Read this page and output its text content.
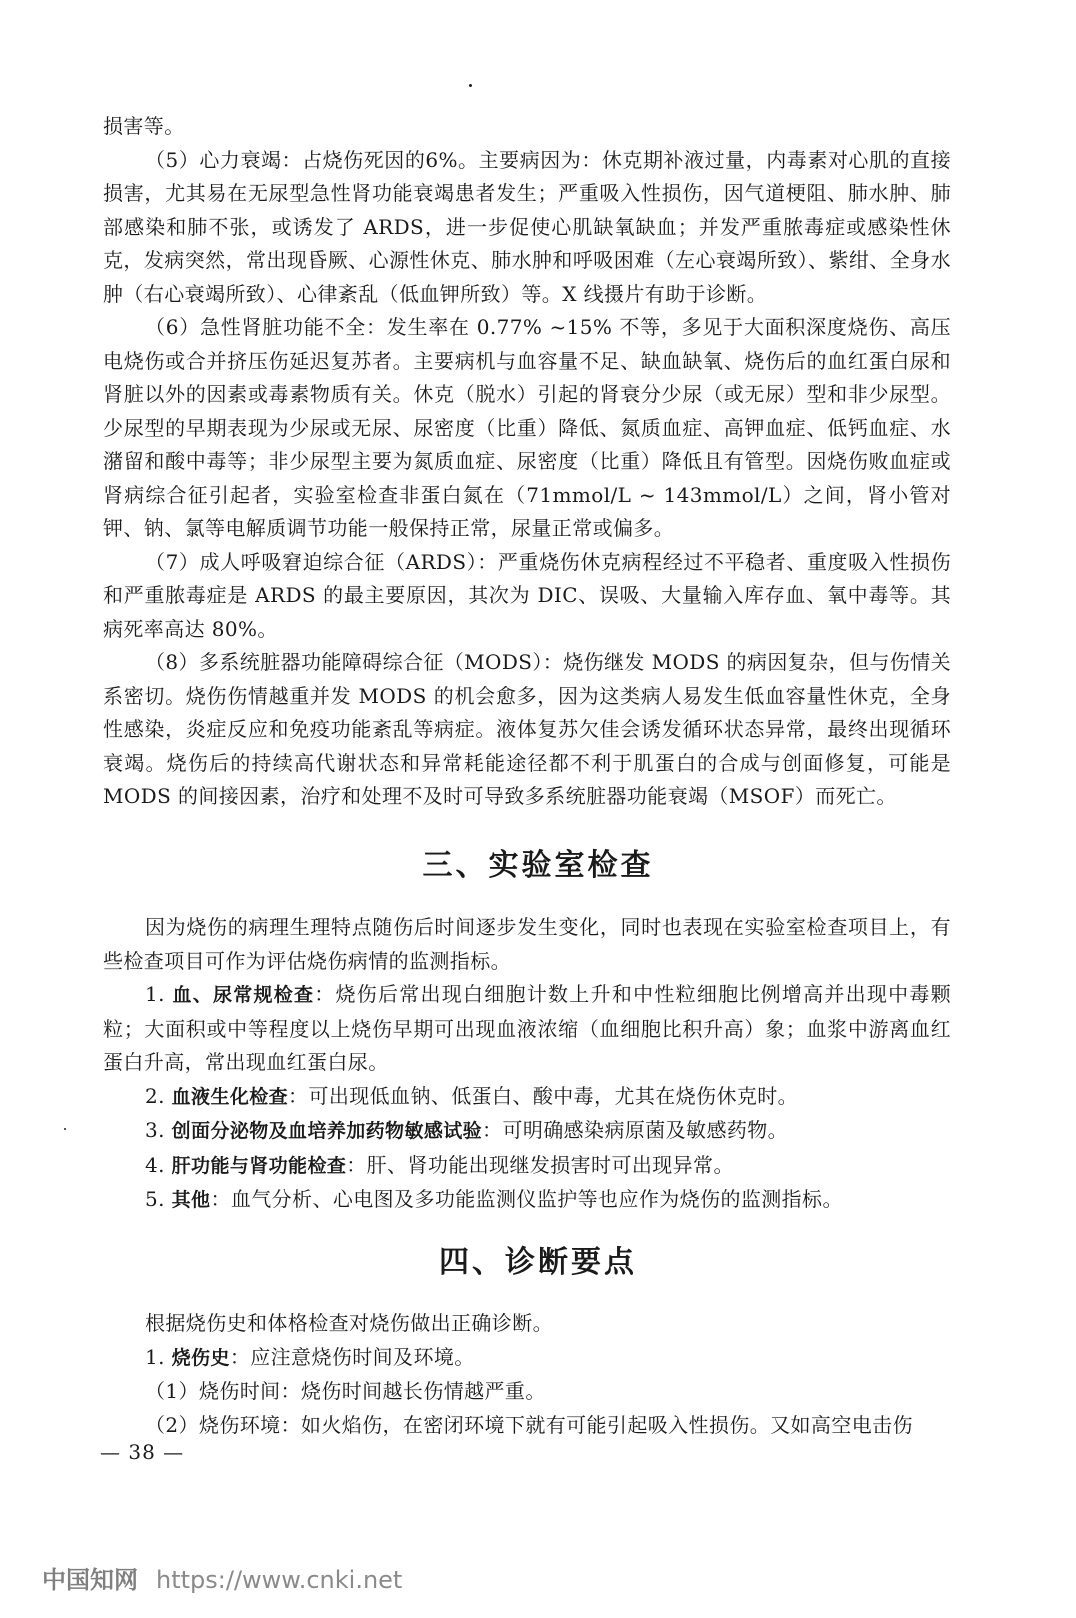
损害等。

（5）心力衰竭：占烧伤死因的6%。主要病因为：休克期补液过量，内毒素对心肌的直接损害，尤其易在无尿型急性肾功能衰竭患者发生；严重吸入性损伤，因气道梗阻、肺水肿、肺部感染和肺不张，或诱发了 ARDS，进一步促使心肌缺氧缺血；并发严重脓毒症或感染性休克，发病突然，常出现昏厥、心源性休克、肺水肿和呼吸困难（左心衰竭所致）、紫绀、全身水肿（右心衰竭所致）、心律紊乱（低血钾所致）等。X 线摄片有助于诊断。

（6）急性肾脏功能不全：发生率在 0.77% ~15% 不等，多见于大面积深度烧伤、高压电烧伤或合并挤压伤延迟复苏者。主要病机与血容量不足、缺血缺氧、烧伤后的血红蛋白尿和肾脏以外的因素或毒素物质有关。休克（脱水）引起的肾衰分少尿（或无尿）型和非少尿型。少尿型的早期表现为少尿或无尿、尿密度（比重）降低、氮质血症、高钾血症、低钙血症、水潴留和酸中毒等；非少尿型主要为氮质血症、尿密度（比重）降低且有管型。因烧伤败血症或肾病综合征引起者，实验室检查非蛋白氮在（71mmol/L ~ 143mmol/L）之间，肾小管对钾、钠、氯等电解质调节功能一般保持正常，尿量正常或偏多。

（7）成人呼吸窘迫综合征（ARDS）：严重烧伤休克病程经过不平稳者、重度吸入性损伤和严重脓毒症是 ARDS 的最主要原因，其次为 DIC、误吸、大量输入库存血、氧中毒等。其病死率高达 80%。

（8）多系统脏器功能障碍综合征（MODS）：烧伤继发 MODS 的病因复杂，但与伤情关系密切。烧伤伤情越重并发 MODS 的机会愈多，因为这类病人易发生低血容量性休克，全身性感染，炎症反应和免疫功能紊乱等病症。液体复苏欠佳会诱发循环状态异常，最终出现循环衰竭。烧伤后的持续高代谢状态和异常耗能途径都不利于肌蛋白的合成与创面修复，可能是 MODS 的间接因素，治疗和处理不及时可导致多系统脏器功能衰竭（MSOF）而死亡。

三、实验室检查

因为烧伤的病理生理特点随伤后时间逐步发生变化，同时也表现在实验室检查项目上，有些检查项目可作为评估烧伤病情的监测指标。

1. 血、尿常规检查：烧伤后常出现白细胞计数上升和中性粒细胞比例增高并出现中毒颗粒；大面积或中等程度以上烧伤早期可出现血液浓缩（血细胞比积升高）象；血浆中游离血红蛋白升高，常出现血红蛋白尿。

2. 血液生化检查：可出现低血钠、低蛋白、酸中毒，尤其在烧伤休克时。

3. 创面分泌物及血培养加药物敏感试验：可明确感染病原菌及敏感药物。

4. 肝功能与肾功能检查：肝、肾功能出现继发损害时可出现异常。

5. 其他：血气分析、心电图及多功能监测仪监护等也应作为烧伤的监测指标。

四、诊断要点

根据烧伤史和体格检查对烧伤做出正确诊断。

1. 烧伤史：应注意烧伤时间及环境。

（1）烧伤时间：烧伤时间越长伤情越严重。

（2）烧伤环境：如火焰伤，在密闭环境下就有可能引起吸入性损伤。又如高空电击伤

— 38 —
中国知网 https://www.cnki.net
